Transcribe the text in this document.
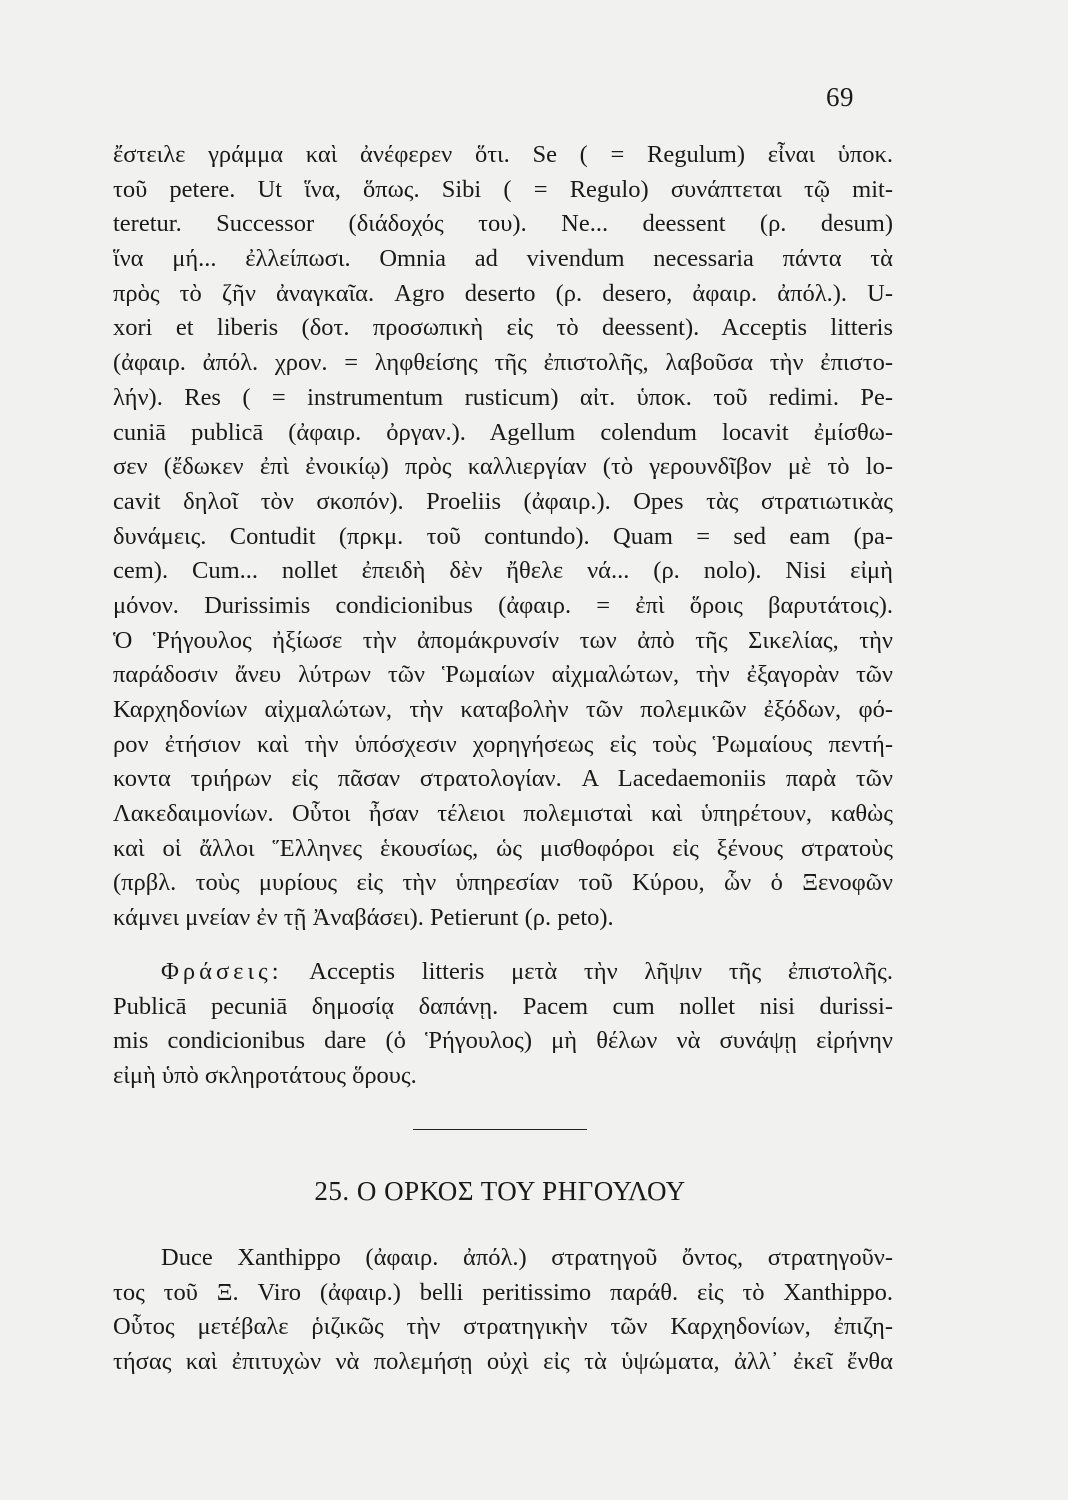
69
ἔστειλε γράμμα καὶ ἀνέφερεν ὅτι. Se ( = Regulum) εἶναι ὑποκ.
τοῦ petere. Ut ἵνα, ὅπως. Sibi ( = Regulo) συνάπτεται τῷ mit-
teretur. Successor (διάδοχός του). Ne... deessent (ρ. desum)
ἵνα μή... ἐλλείπωσι. Omnia ad vivendum necessaria πάντα τὰ
πρὸς τὸ ζῆν ἀναγκαῖα. Agro deserto (ρ. desero, ἀφαιρ. ἀπόλ.). U-
xori et liberis (δοτ. προσωπικὴ εἰς τὸ deessent). Acceptis litteris
(ἀφαιρ. ἀπόλ. χρον. = ληφθείσης τῆς ἐπιστολῆς, λαβοῦσα τὴν ἐπιστο-
λήν). Res ( = instrumentum rusticum) αἰτ. ὑποκ. τοῦ redimi. Pe-
cuniā publicā (ἀφαιρ. ὀργαν.). Agellum colendum locavit ἐμίσθω-
σεν (ἔδωκεν ἐπὶ ἐνοικίῳ) πρὸς καλλιεργίαν (τὸ γερουνδῖβον μὲ τὸ lo-
cavit δηλοῖ τὸν σκοπόν). Proeliis (ἀφαιρ.). Opes τὰς στρατιωτικὰς
δυνάμεις. Contudit (πρκμ. τοῦ contundo). Quam = sed eam (pa-
cem). Cum... nollet ἐπειδὴ δὲν ἤθελε νά... (ρ. nolo). Nisi εἰμὴ
μόνον. Durissimis condicionibus (ἀφαιρ. = ἐπὶ ὅροις βαρυτάτοις).
Ὁ Ῥήγουλος ἠξίωσε τὴν ἀπομάκρυνσίν των ἀπὸ τῆς Σικελίας, τὴν
παράδοσιν ἄνευ λύτρων τῶν Ῥωμαίων αἰχμαλώτων, τὴν ἐξαγορὰν τῶν
Καρχηδονίων αἰχμαλώτων, τὴν καταβολὴν τῶν πολεμικῶν ἐξόδων, φό-
ρον ἐτήσιον καὶ τὴν ὑπόσχεσιν χορηγήσεως εἰς τοὺς Ῥωμαίους πεντή-
κοντα τριήρων εἰς πᾶσαν στρατολογίαν. A Lacedaemoniis παρὰ τῶν
Λακεδαιμονίων. Οὗτοι ἦσαν τέλειοι πολεμισταὶ καὶ ὑπηρέτουν, καθὼς
καὶ οἱ ἄλλοι Ἕλληνες ἑκουσίως, ὡς μισθοφόροι εἰς ξένους στρατοὺς
(πρβλ. τοὺς μυρίους εἰς τὴν ὑπηρεσίαν τοῦ Κύρου, ὧν ὁ Ξενοφῶν
κάμνει μνείαν ἐν τῇ Ἀναβάσει). Petierunt (ρ. peto).
Φράσεις: Acceptis litteris μετὰ τὴν λῆψιν τῆς ἐπιστολῆς.
Publicā pecuniā δημοσίᾳ δαπάνῃ. Pacem cum nollet nisi durissi-
mis condicionibus dare (ὁ Ῥήγουλος) μὴ θέλων νὰ συνάψῃ εἰρήνην
εἰμὴ ὑπὸ σκληροτάτους ὅρους.
25. Ο ΟΡΚΟΣ ΤΟΥ ΡΗΓΟΥΛΟΥ
Duce Xanthippo (ἀφαιρ. ἀπόλ.) στρατηγοῦ ὄντος, στρατηγοῦν-
τος τοῦ Ξ. Viro (ἀφαιρ.) belli peritissimo παράθ. εἰς τὸ Xanthippo.
Οὗτος μετέβαλε ῥιζικῶς τὴν στρατηγικὴν τῶν Καρχηδονίων, ἐπιζη-
τήσας καὶ ἐπιτυχὼν νὰ πολεμήσῃ οὐχὶ εἰς τὰ ὑψώματα, ἀλλ᾽ ἐκεῖ ἔνθα
